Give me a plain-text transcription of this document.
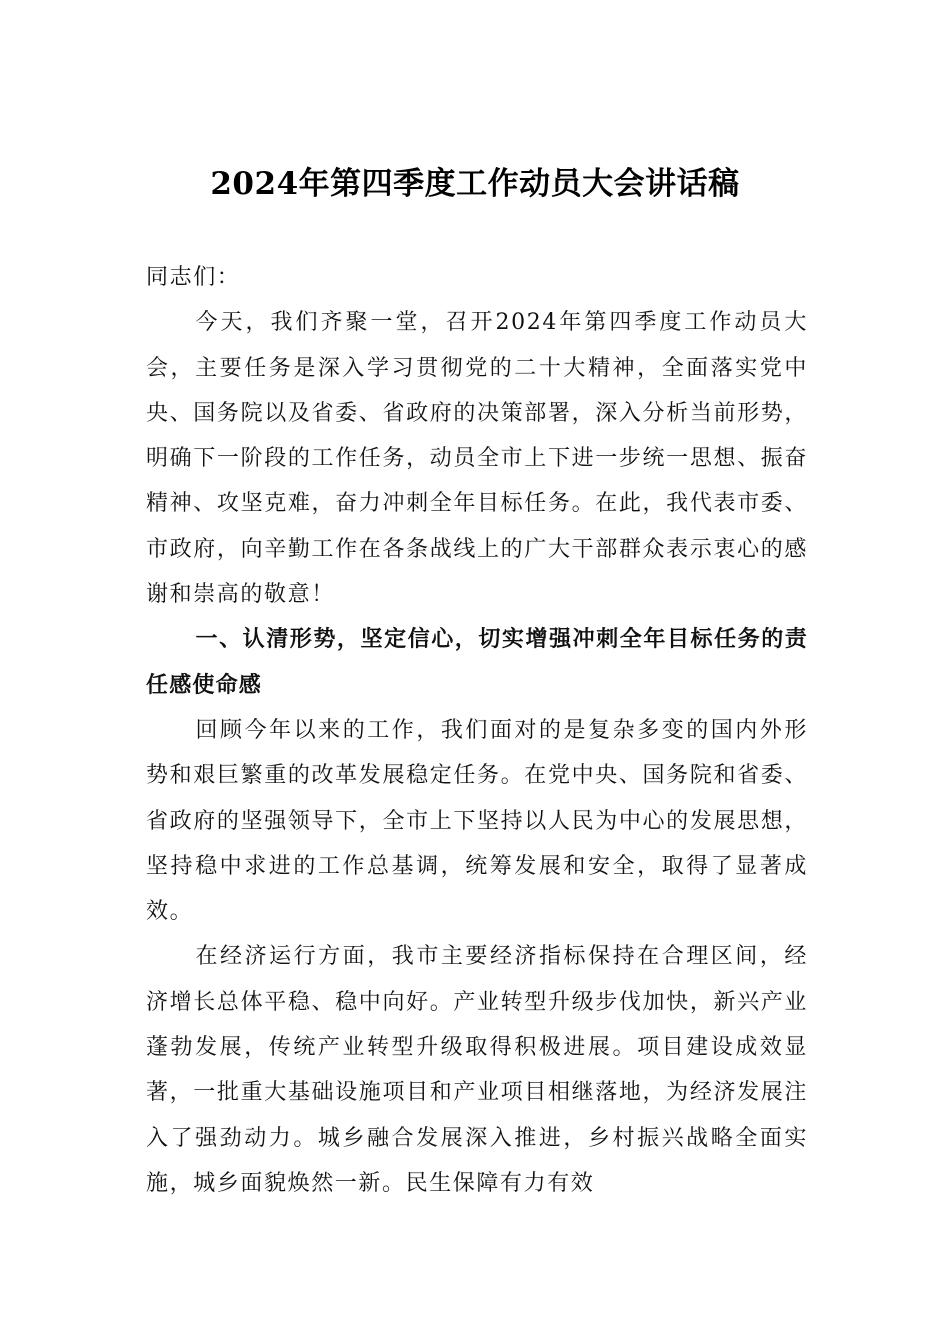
2024年第四季度工作动员大会讲话稿

同志们：

今天，我们齐聚一堂，召开2024年第四季度工作动员大会，主要任务是深入学习贯彻党的二十大精神，全面落实党中央、国务院以及省委、省政府的决策部署，深入分析当前形势，明确下一阶段的工作任务，动员全市上下进一步统一思想、振奋精神、攻坚克难，奋力冲刺全年目标任务。在此，我代表市委、市政府，向辛勤工作在各条战线上的广大干部群众表示衷心的感谢和崇高的敬意！

一、认清形势，坚定信心，切实增强冲刺全年目标任务的责任感使命感

回顾今年以来的工作，我们面对的是复杂多变的国内外形势和艰巨繁重的改革发展稳定任务。在党中央、国务院和省委、省政府的坚强领导下，全市上下坚持以人民为中心的发展思想，坚持稳中求进的工作总基调，统筹发展和安全，取得了显著成效。

在经济运行方面，我市主要经济指标保持在合理区间，经济增长总体平稳、稳中向好。产业转型升级步伐加快，新兴产业蓬勃发展，传统产业转型升级取得积极进展。项目建设成效显著，一批重大基础设施项目和产业项目相继落地，为经济发展注入了强劲动力。城乡融合发展深入推进，乡村振兴战略全面实施，城乡面貌焕然一新。民生保障有力有效
